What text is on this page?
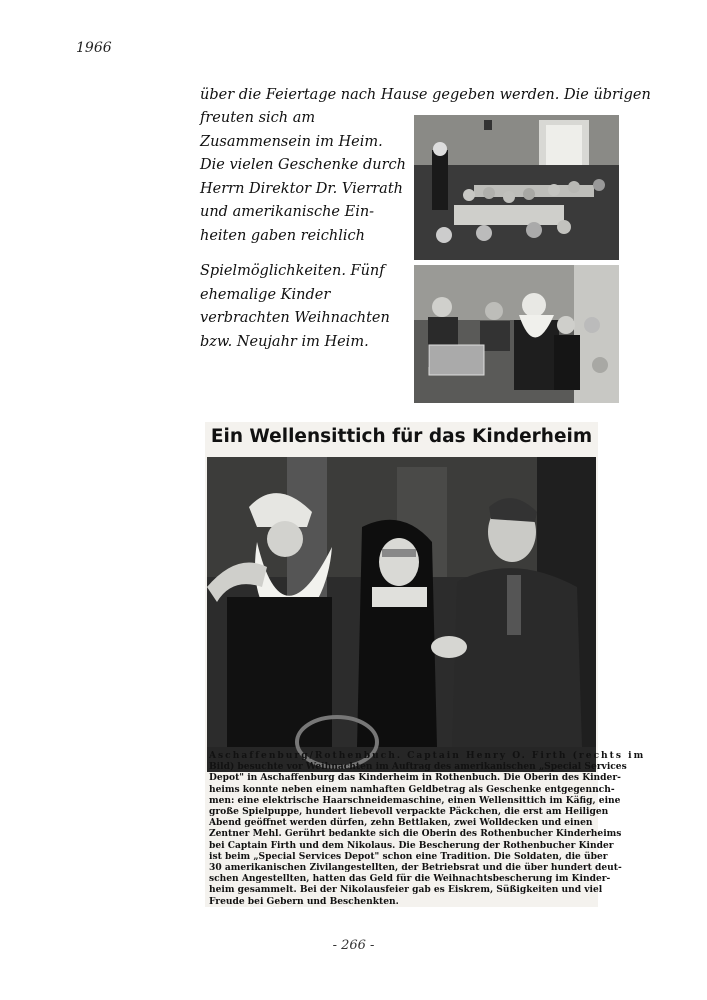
1966
über die Feiertage nach Hause gegeben werden. Die übrigen
freuten sich am
Zusammensein im Heim.
Die vielen Geschenke durch
Herrn Direktor Dr. Vierrath
und amerikanische Ein-
heiten gaben reichlich
Spielmöglichkeiten. Fünf
ehemalige Kinder
verbrachten Weihnachten
bzw. Neujahr im Heim.
Ein Wellensittich für das Kinderheim
Aschaffenburg/Rothenbuch. Captain Henry O. Firth (rechts im
Bild) besuchte vor Weihnachten im Auftrag des amerikanischen „Special Services
Depot" in Aschaffenburg das Kinderheim in Rothenbuch. Die Oberin des Kinder-
heims konnte neben einem namhaften Geldbetrag als Geschenke entgegennch-
men: eine elektrische Haarschneidemaschine, einen Wellensittich im Käfig, eine
große Spielpuppe, hundert liebevoll verpackte Päckchen, die erst am Heiligen
Abend geöffnet werden dürfen, zehn Bettlaken, zwei Wolldecken und einen
Zentner Mehl. Gerührt bedankte sich die Oberin des Rothenbucher Kinderheims
bei Captain Firth und dem Nikolaus. Die Bescherung der Rothenbucher Kinder
ist beim „Special Services Depot" schon eine Tradition. Die Soldaten, die über
30 amerikanischen Zivilangestellten, der Betriebsrat und die über hundert deut-
schen Angestellten, hatten das Geld für die Weihnachtsbescherung im Kinder-
heim gesammelt. Bei der Nikolausfeier gab es Eiskrem, Süßigkeiten und viel
Freude bei Gebern und Beschenkten.
- 266 -
